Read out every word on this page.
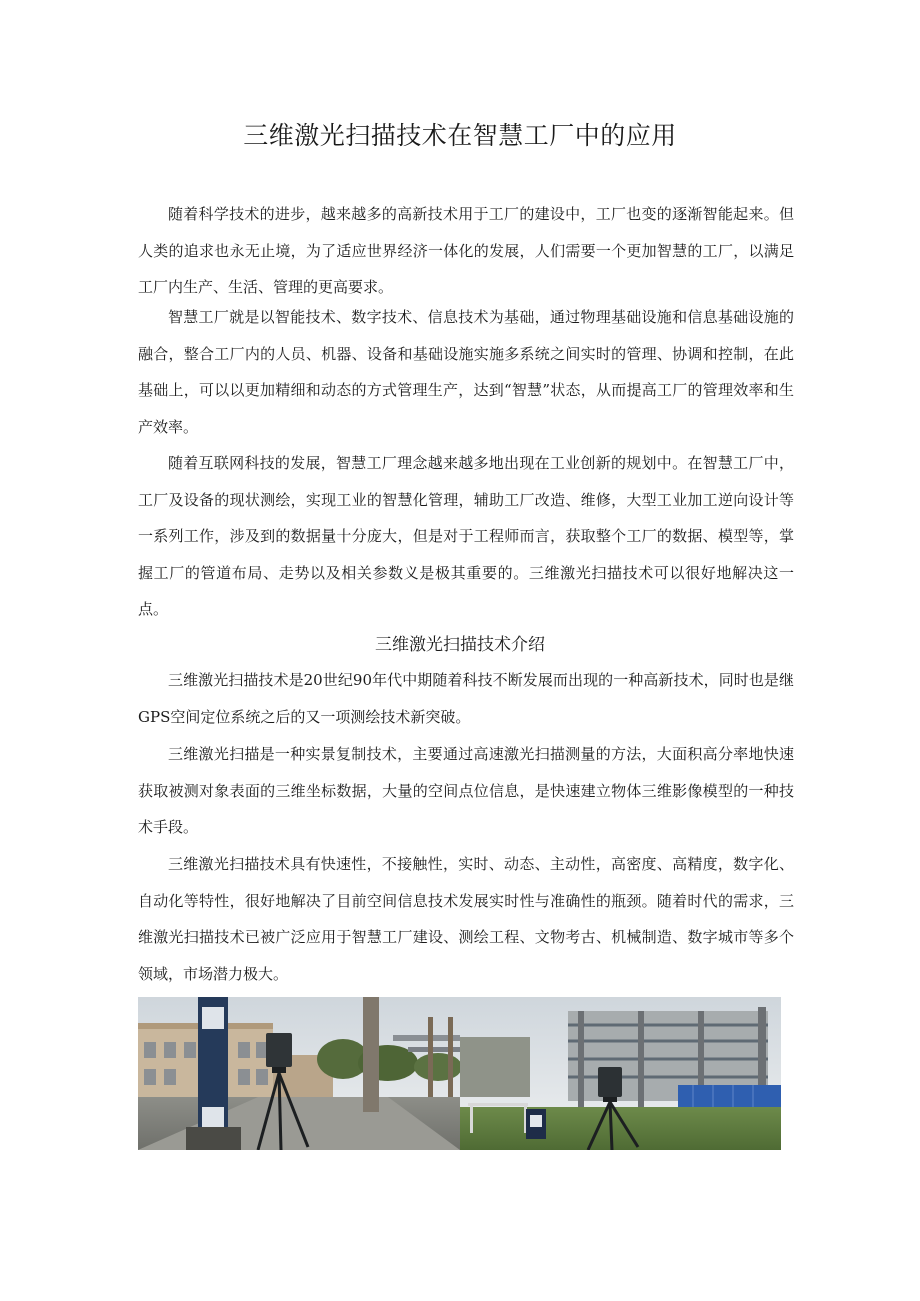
三维激光扫描技术在智慧工厂中的应用

随着科学技术的进步，越来越多的高新技术用于工厂的建设中，工厂也变的逐渐智能起来。但人类的追求也永无止境，为了适应世界经济一体化的发展，人们需要一个更加智慧的工厂，以满足工厂内生产、生活、管理的更高要求。

智慧工厂就是以智能技术、数字技术、信息技术为基础，通过物理基础设施和信息基础设施的融合，整合工厂内的人员、机器、设备和基础设施实施多系统之间实时的管理、协调和控制，在此基础上，可以以更加精细和动态的方式管理生产，达到“智慧”状态，从而提高工厂的管理效率和生产效率。

随着互联网科技的发展，智慧工厂理念越来越多地出现在工业创新的规划中。在智慧工厂中，工厂及设备的现状测绘，实现工业的智慧化管理，辅助工厂改造、维修，大型工业加工逆向设计等一系列工作，涉及到的数据量十分庞大，但是对于工程师而言，获取整个工厂的数据、模型等，掌握工厂的管道布局、走势以及相关参数义是极其重要的。三维激光扫描技术可以很好地解决这一点。

三维激光扫描技术介绍

三维激光扫描技术是20世纪90年代中期随着科技不断发展而出现的一种高新技术，同时也是继GPS空间定位系统之后的又一项测绘技术新突破。

三维激光扫描是一种实景复制技术，主要通过高速激光扫描测量的方法，大面积高分率地快速获取被测对象表面的三维坐标数据，大量的空间点位信息，是快速建立物体三维影像模型的一种技术手段。

三维激光扫描技术具有快速性，不接触性，实时、动态、主动性，高密度、高精度，数字化、自动化等特性，很好地解决了目前空间信息技术发展实时性与准确性的瓶颈。随着时代的需求，三维激光扫描技术已被广泛应用于智慧工厂建设、测绘工程、文物考古、机械制造、数字城市等多个领域，市场潜力极大。
